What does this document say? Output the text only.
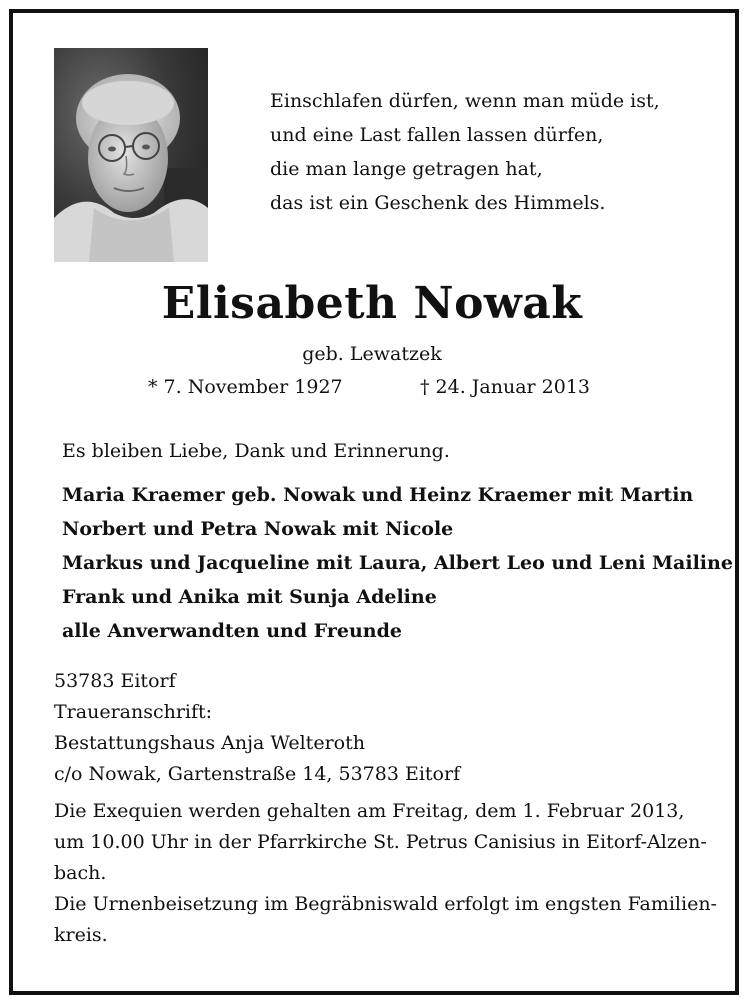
Einschlafen dürfen, wenn man müde ist,
und eine Last fallen lassen dürfen,
die man lange getragen hat,
das ist ein Geschenk des Himmels.
Elisabeth Nowak
geb. Lewatzek
* 7. November 1927	† 24. Januar 2013
Es bleiben Liebe, Dank und Erinnerung.
Maria Kraemer geb. Nowak und Heinz Kraemer mit Martin
Norbert und Petra Nowak mit Nicole
Markus und Jacqueline mit Laura, Albert Leo und Leni Mailine
Frank und Anika mit Sunja Adeline
alle Anverwandten und Freunde
53783 Eitorf
Traueranschrift:
Bestattungshaus Anja Welteroth
c/o Nowak, Gartenstraße 14, 53783 Eitorf
Die Exequien werden gehalten am Freitag, dem 1. Februar 2013,
um 10.00 Uhr in der Pfarrkirche St. Petrus Canisius in Eitorf-Alzen-
bach.
Die Urnenbeisetzung im Begräbniswald erfolgt im engsten Familien-
kreis.
